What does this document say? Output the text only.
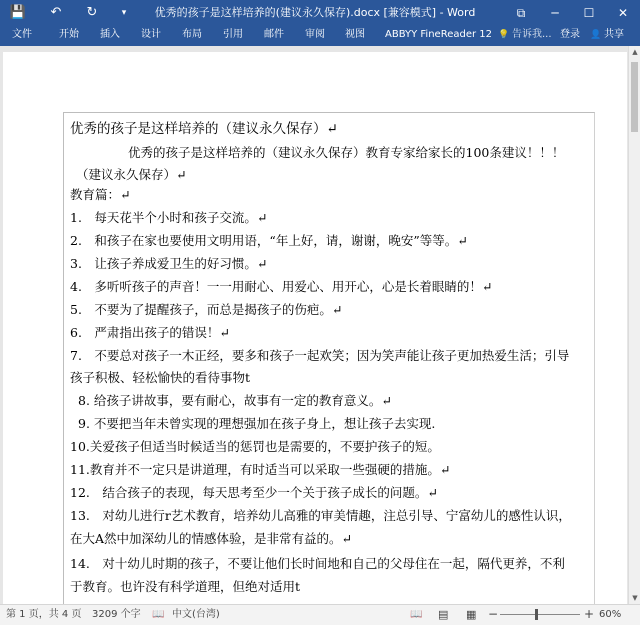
💾	↶	↻	▾	优秀的孩子是这样培养的(建议永久保存).docx [兼容模式] - Word	⧉	─	☐	✕
文件	开始 插入 设计 布局 引用 邮件 审阅 视图 ABBYY FineReader 12 💡 告诉我... 登录 👤 共享
优秀的孩子是这样培养的（建议永久保存）↵
优秀的孩子是这样培养的（建议永久保存）教育专家给家长的100条建议！！！
（建议永久保存）↵
教育篇：↵
1.　每天花半个小时和孩子交流。↵
2.　和孩子在家也要使用文明用语，“年上好，请，谢谢，晚安”等等。↵
3.　让孩子养成爱卫生的好习惯。↵
4.　多听听孩子的声音！一一用耐心、用爱心、用开心，心是长着眼睛的！↵
5.　不要为了提醒孩子，而总是揭孩子的伤疤。↵
6.　严肃指出孩子的错误！↵
7.　不要总对孩子一木正经，要多和孩子一起欢笑；因为笑声能让孩子更加热爱生活；引导
孩子积极、轻松愉快的看待事物t
8. 给孩子讲故事，要有耐心，故事有一定的教育意义。↵
9. 不要把当年未曾实现的理想强加在孩子身上，想让孩子去实现.
10.关爱孩子但适当时候适当的惩罚也是需要的，不要护孩子的短。
11.教育并不一定只是讲道理，有时适当可以采取一些强硬的措施。↵
12.　结合孩子的表现，每天思考至少一个关于孩子成长的问题。↵
13.　对幼儿进行r艺术教育，培养幼儿高雅的审美情趣，注总引导、宁富幼儿的感性认识，
在大A然中加深幼儿的情感体验，是非常有益的。↵
14.　对十幼儿时期的孩子，不要让他们长时间地和自己的父母住在一起，隔代更养，不利
于教育。也许没有科学道理，但绝对适用t
▲
▼
第 1 页，共 4 页 3209 个字 📖 中文(台湾)	📖 ▤ ▦ −	+ 60%
